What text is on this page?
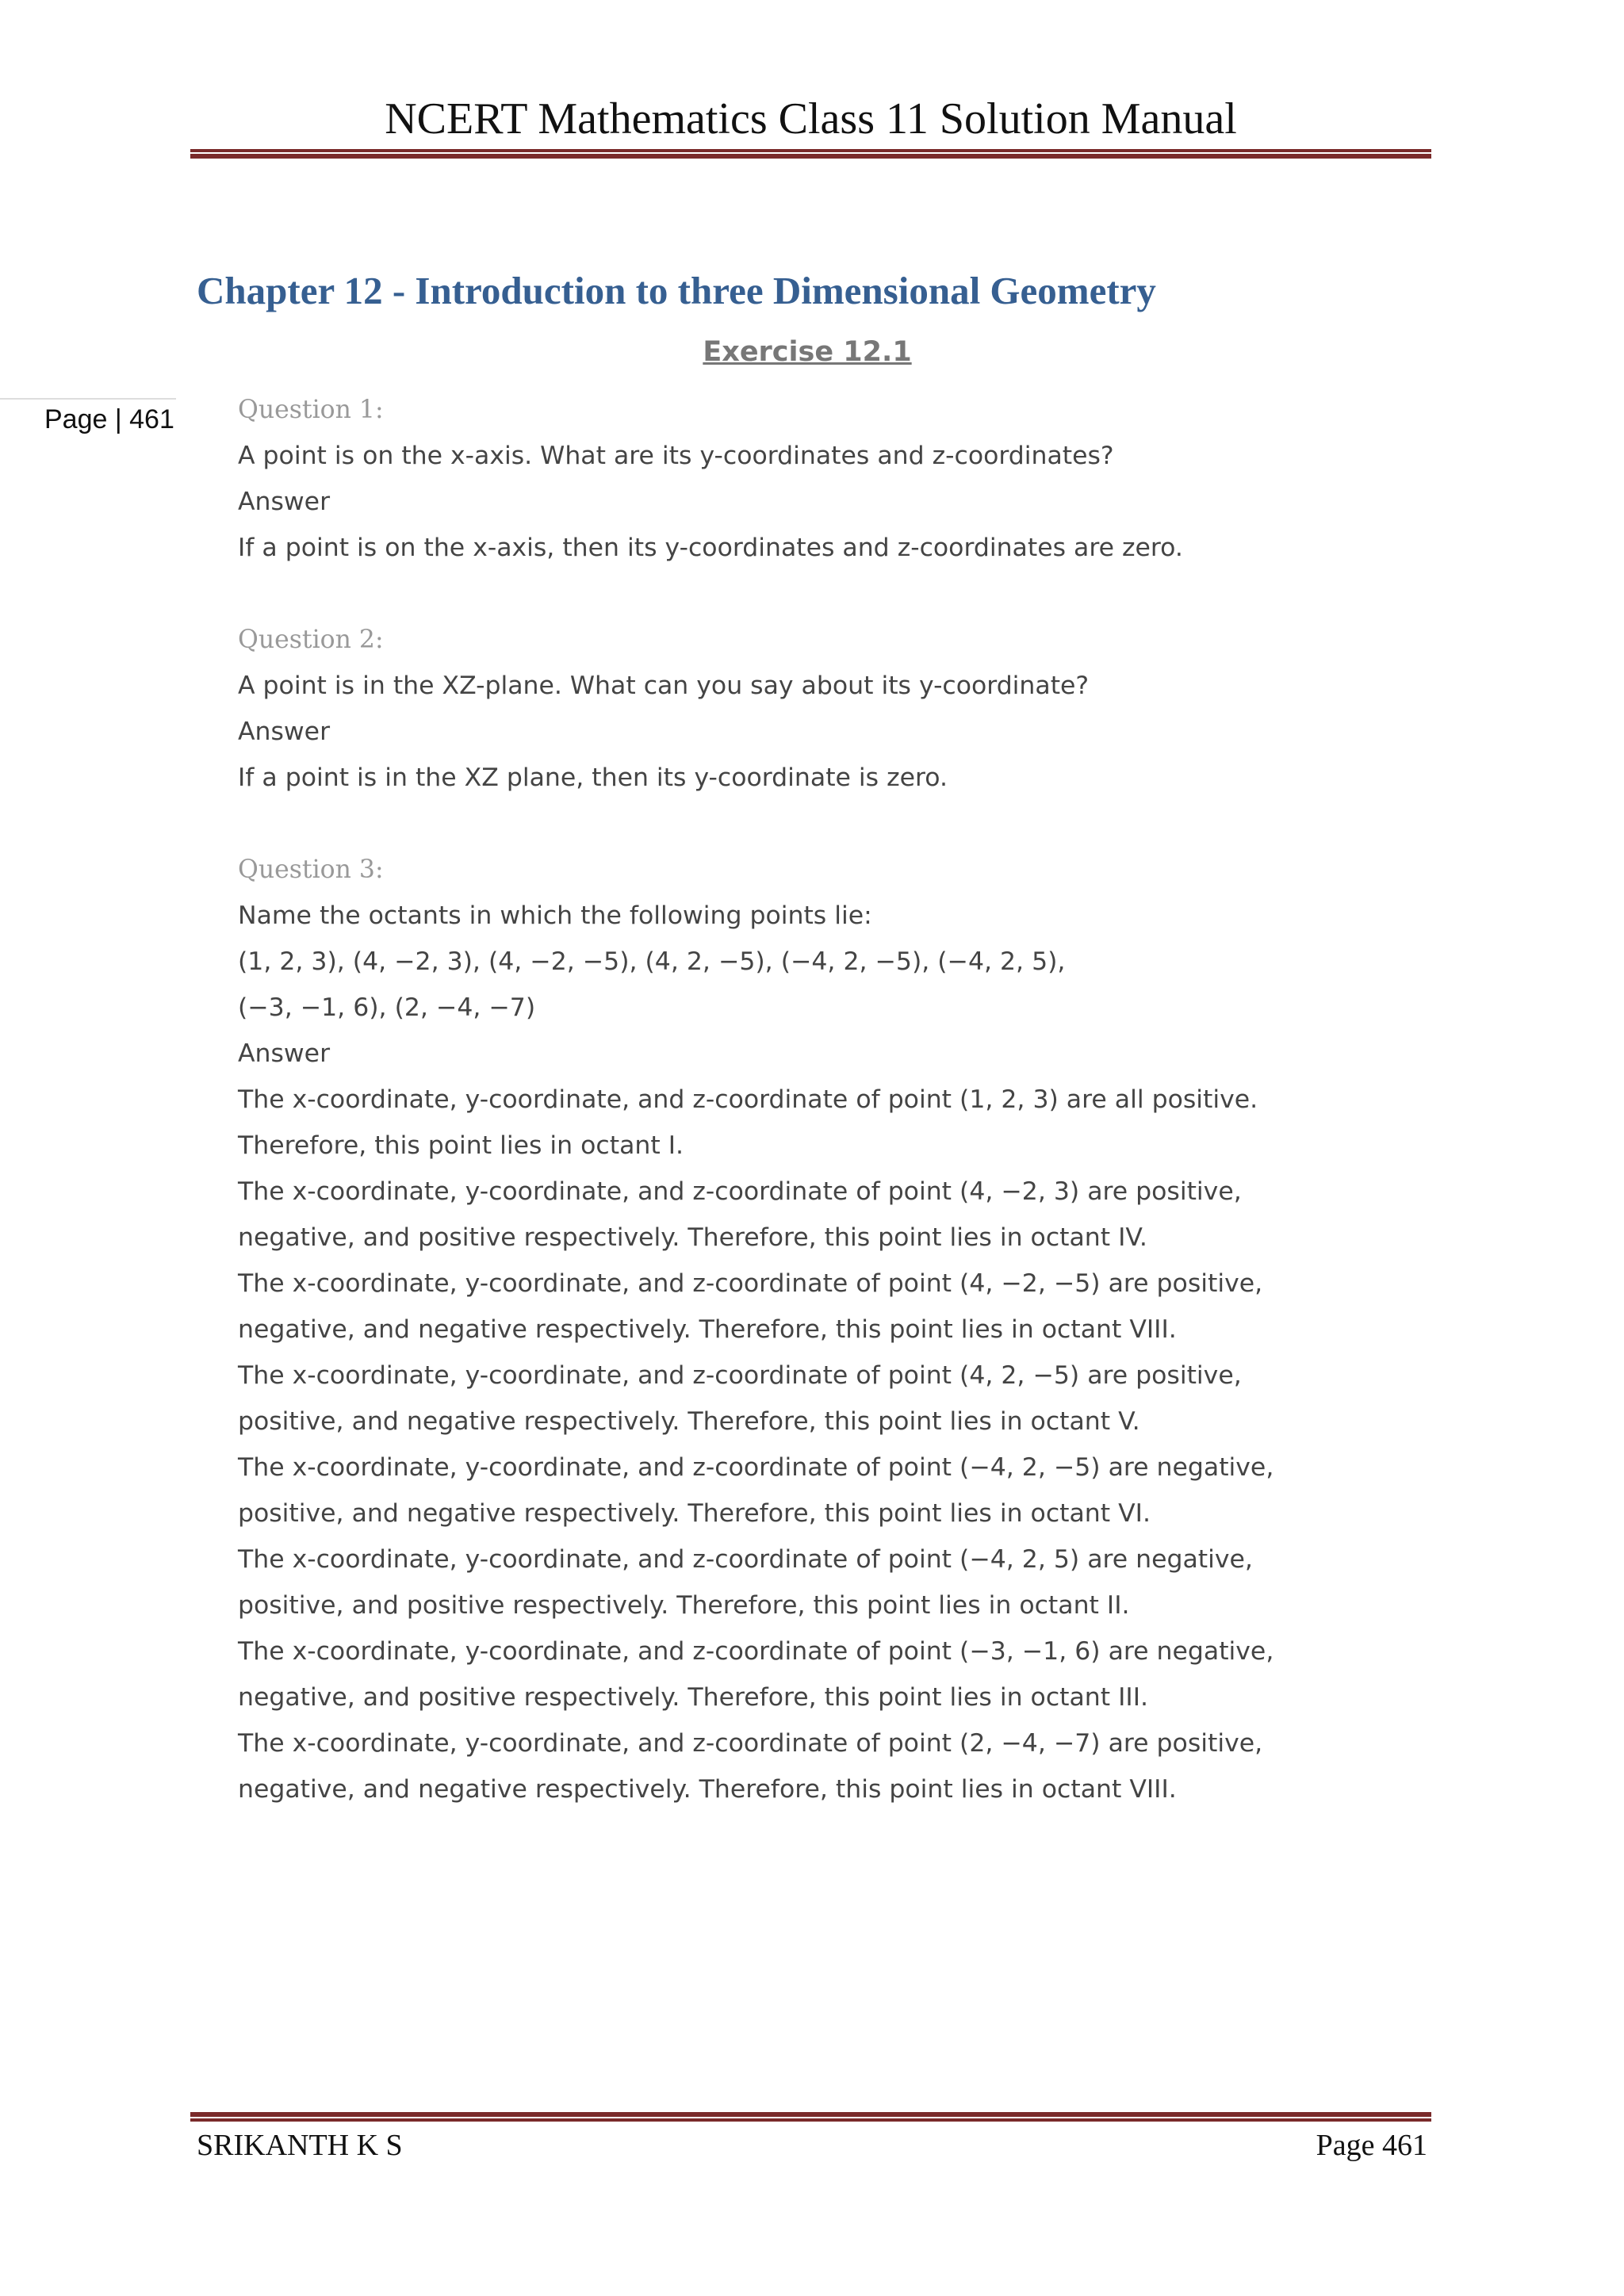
NCERT Mathematics Class 11 Solution Manual
Chapter 12 - Introduction to three Dimensional Geometry
Exercise 12.1
Page | 461	Question 1:
A point is on the x-axis. What are its y-coordinates and z-coordinates?
Answer
If a point is on the x-axis, then its y-coordinates and z-coordinates are zero.
Question 2:
A point is in the XZ-plane. What can you say about its y-coordinate?
Answer
If a point is in the XZ plane, then its y-coordinate is zero.
Question 3:
Name the octants in which the following points lie:
(1, 2, 3), (4, −2, 3), (4, −2, −5), (4, 2, −5), (−4, 2, −5), (−4, 2, 5),
(−3, −1, 6), (2, −4, −7)
Answer
The x-coordinate, y-coordinate, and z-coordinate of point (1, 2, 3) are all positive.
Therefore, this point lies in octant I.
The x-coordinate, y-coordinate, and z-coordinate of point (4, −2, 3) are positive,
negative, and positive respectively. Therefore, this point lies in octant IV.
The x-coordinate, y-coordinate, and z-coordinate of point (4, −2, −5) are positive,
negative, and negative respectively. Therefore, this point lies in octant VIII.
The x-coordinate, y-coordinate, and z-coordinate of point (4, 2, −5) are positive,
positive, and negative respectively. Therefore, this point lies in octant V.
The x-coordinate, y-coordinate, and z-coordinate of point (−4, 2, −5) are negative,
positive, and negative respectively. Therefore, this point lies in octant VI.
The x-coordinate, y-coordinate, and z-coordinate of point (−4, 2, 5) are negative,
positive, and positive respectively. Therefore, this point lies in octant II.
The x-coordinate, y-coordinate, and z-coordinate of point (−3, −1, 6) are negative,
negative, and positive respectively. Therefore, this point lies in octant III.
The x-coordinate, y-coordinate, and z-coordinate of point (2, −4, −7) are positive,
negative, and negative respectively. Therefore, this point lies in octant VIII.
SRIKANTH K S	Page 461
